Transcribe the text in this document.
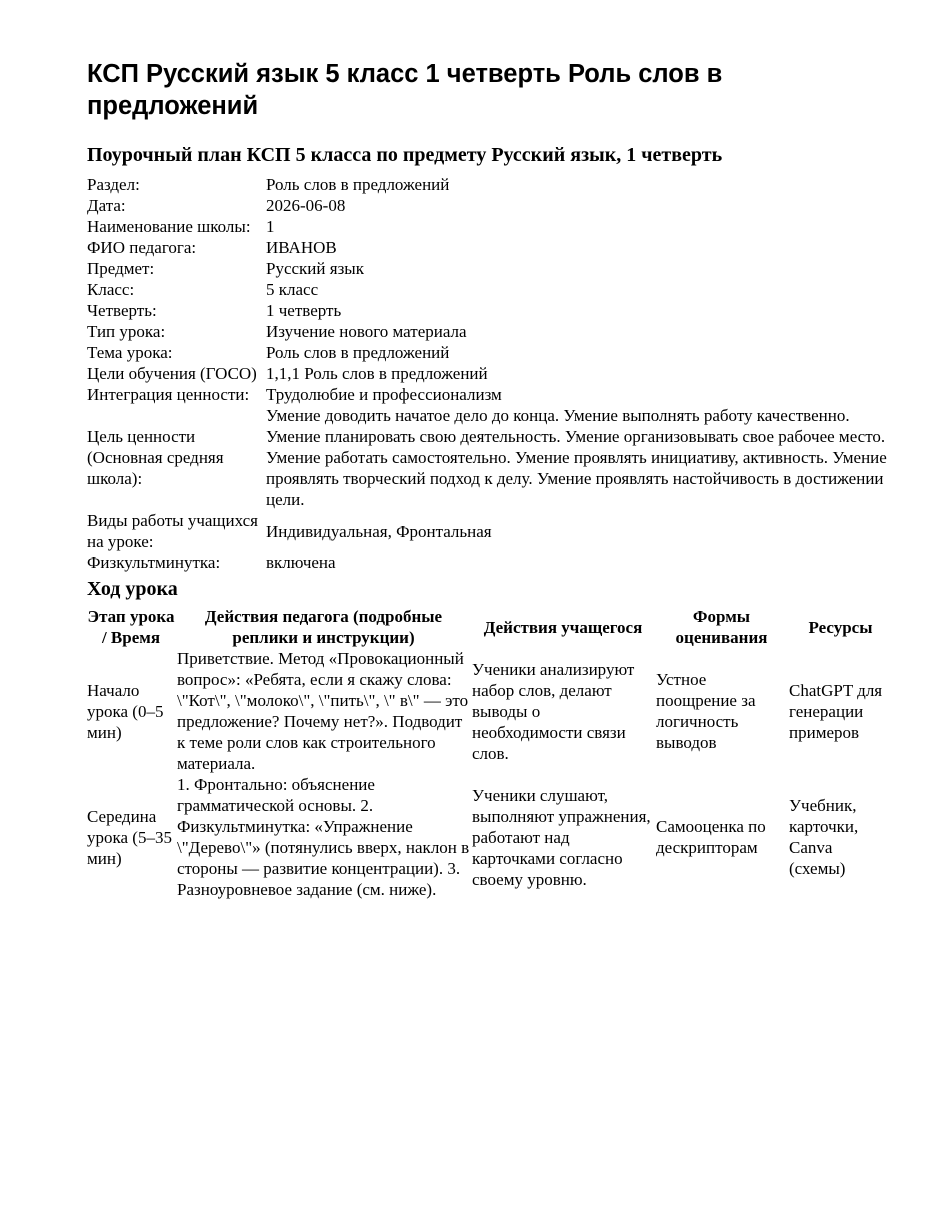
КСП Русский язык 5 класс 1 четверть Роль слов в предложений
Поурочный план КСП 5 класса по предмету Русский язык, 1 четверть
Раздел:	Роль слов в предложений
Дата:	2026-06-08
Наименование школы:	1
ФИО педагога:	ИВАНОВ
Предмет:	Русский язык
Класс:	5 класс
Четверть:	1 четверть
Тип урока:	Изучение нового материала
Тема урока:	Роль слов в предложений
Цели обучения (ГОСО)	1,1,1 Роль слов в предложений
Интеграция ценности:	Трудолюбие и профессионализм
Цель ценности (Основная средняя школа):	Умение доводить начатое дело до конца. Умение выполнять работу качественно. Умение планировать свою деятельность. Умение организовывать свое рабочее место. Умение работать самостоятельно. Умение проявлять инициативу, активность. Умение проявлять творческий подход к делу. Умение проявлять настойчивость в достижении цели.
Виды работы учащихся на уроке:	Индивидуальная, Фронтальная
Физкультминутка:	включена
Ход урока
Этап урока / Время	Действия педагога (подробные реплики и инструкции)	Действия учащегося	Формы оценивания	Ресурсы
Начало урока (0–5 мин)	Приветствие. Метод «Провокационный вопрос»: «Ребята, если я скажу слова: \"Кот\", \"молоко\", \"пить\", \" в\" — это предложение? Почему нет?». Подводит к теме роли слов как строительного материала.	Ученики анализируют набор слов, делают выводы о необходимости связи слов.	Устное поощрение за логичность выводов	ChatGPT для генерации примеров
Середина урока (5–35 мин)	1. Фронтально: объяснение грамматической основы. 2. Физкультминутка: «Упражнение \"Дерево\"» (потянулись вверх, наклон в стороны — развитие концентрации). 3. Разноуровневое задание (см. ниже).	Ученики слушают, выполняют упражнения, работают над карточками согласно своему уровню.	Самооценка по дескрипторам	Учебник, карточки, Canva (схемы)
